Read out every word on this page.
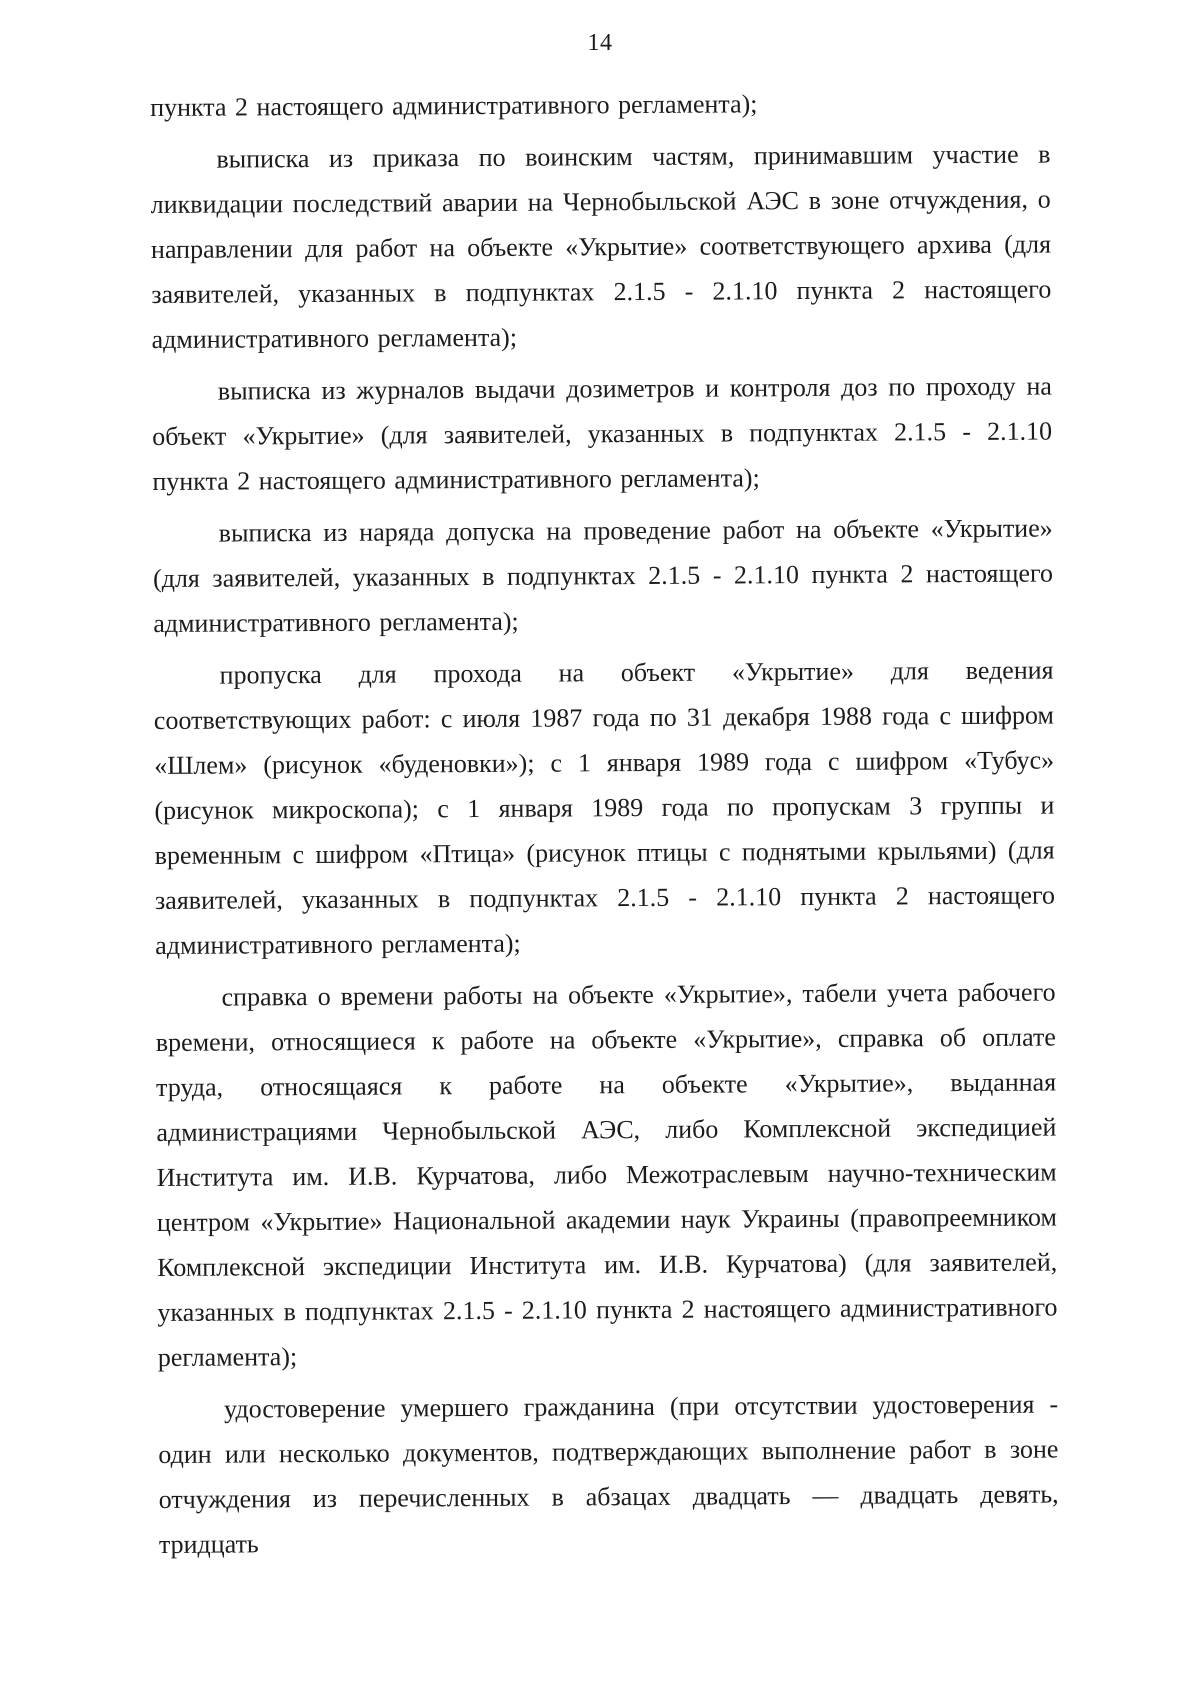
14

пункта 2 настоящего административного регламента);

выписка из приказа по воинским частям, принимавшим участие в ликвидации последствий аварии на Чернобыльской АЭС в зоне отчуждения, о направлении для работ на объекте «Укрытие» соответствующего архива (для заявителей, указанных в подпунктах 2.1.5 - 2.1.10 пункта 2 настоящего административного регламента);

выписка из журналов выдачи дозиметров и контроля доз по проходу на объект «Укрытие» (для заявителей, указанных в подпунктах 2.1.5 - 2.1.10 пункта 2 настоящего административного регламента);

выписка из наряда допуска на проведение работ на объекте «Укрытие» (для заявителей, указанных в подпунктах 2.1.5 - 2.1.10 пункта 2 настоящего административного регламента);

пропуска для прохода на объект «Укрытие» для ведения соответствующих работ: с июля 1987 года по 31 декабря 1988 года с шифром «Шлем» (рисунок «буденовки»); с 1 января 1989 года с шифром «Тубус» (рисунок микроскопа); с 1 января 1989 года по пропускам 3 группы и временным с шифром «Птица» (рисунок птицы с поднятыми крыльями) (для заявителей, указанных в подпунктах 2.1.5 - 2.1.10 пункта 2 настоящего административного регламента);

справка о времени работы на объекте «Укрытие», табели учета рабочего времени, относящиеся к работе на объекте «Укрытие», справка об оплате труда, относящаяся к работе на объекте «Укрытие», выданная администрациями Чернобыльской АЭС, либо Комплексной экспедицией Института им. И.В. Курчатова, либо Межотраслевым научно-техническим центром «Укрытие» Национальной академии наук Украины (правопреемником Комплексной экспедиции Института им. И.В. Курчатова) (для заявителей, указанных в подпунктах 2.1.5 - 2.1.10 пункта 2 настоящего административного регламента);

удостоверение умершего гражданина (при отсутствии удостоверения - один или несколько документов, подтверждающих выполнение работ в зоне отчуждения из перечисленных в абзацах двадцать — двадцать девять, тридцать
